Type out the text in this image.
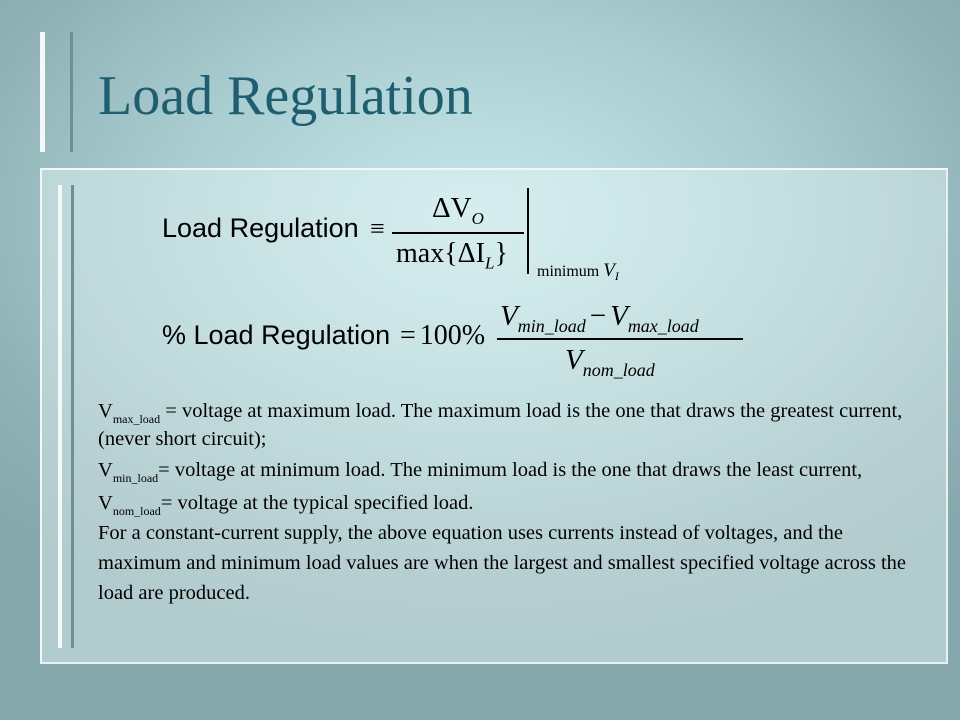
Load Regulation
Load Regulation ≡
$\Delta V_O$
$\max\{\Delta I_L\}$
minimum $V_I$
% Load Regulation = 100%
$V_{min\_load} - V_{max\_load}$
$V_{nom\_load}$

$V_{max\_load}$ = voltage at maximum load. The maximum load is the one that draws the greatest current,(never short circuit);

$V_{min\_load}=$ voltage at minimum load. The minimum load is the one that draws the least current,

$V_{nom\_load}=$ voltage at the typical specified load.

For a constant-current supply, the above equation uses currents instead of voltages, and the maximum and minimum load values are when the largest and smallest specified voltage across the load are produced.
